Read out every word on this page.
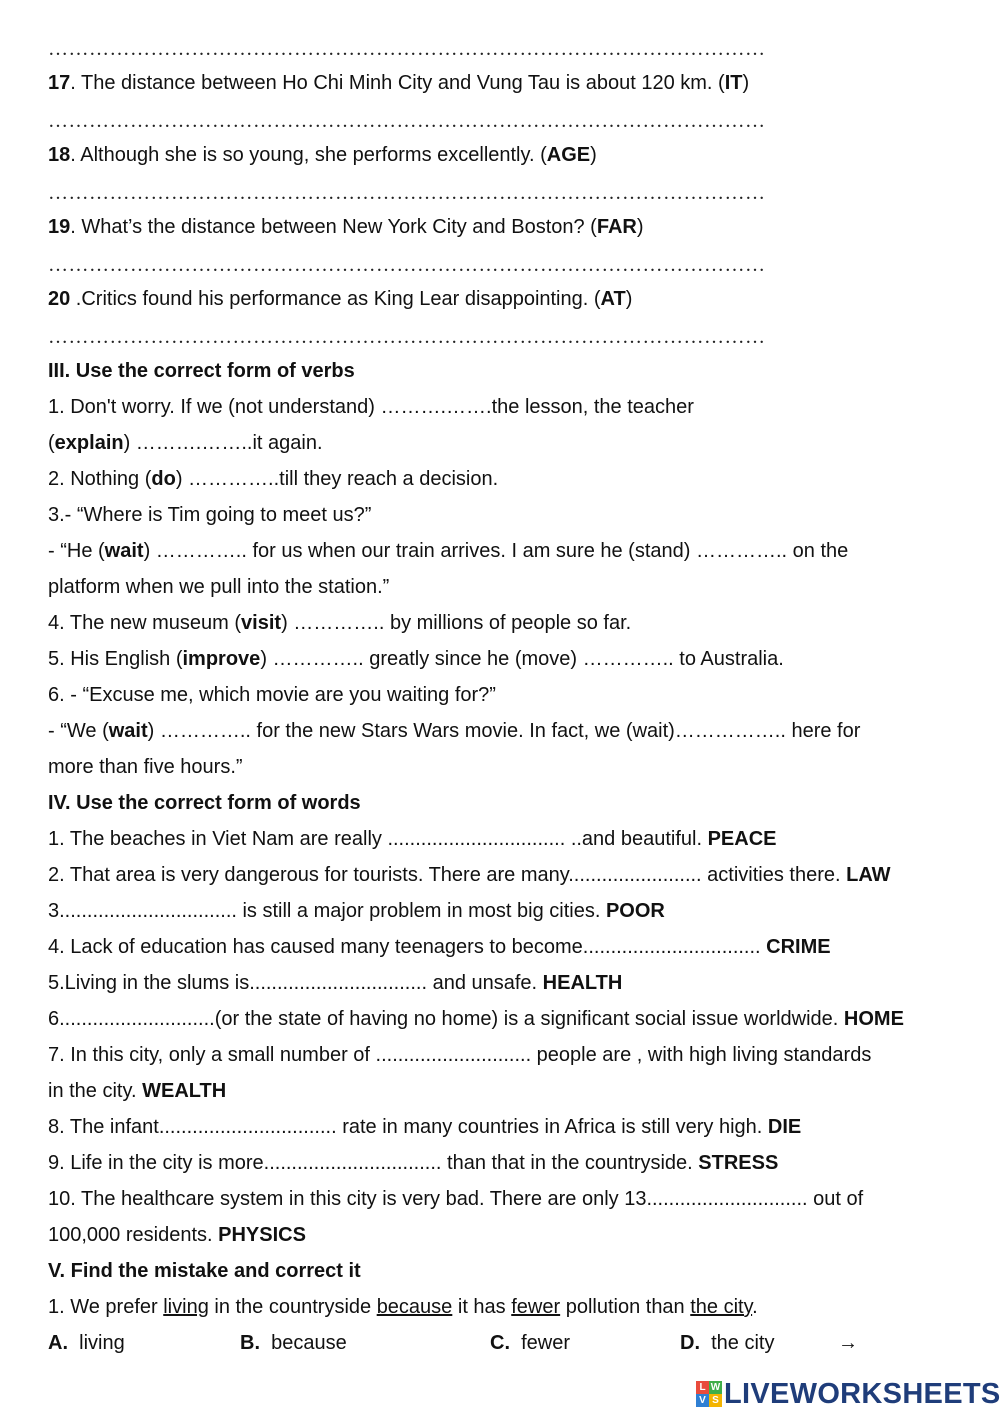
……………………………………………………………………………………………
17. The distance between Ho Chi Minh City and Vung Tau is about 120 km. (IT)
……………………………………………………………………………………………
18. Although she is so young, she performs excellently. (AGE)
……………………………………………………………………………………………
19. What’s the distance between New York City and Boston? (FAR)
……………………………………………………………………………………………
20 .Critics found his performance as King Lear disappointing. (AT)
……………………………………………………………………………………………
III. Use the correct form of verbs
1. Don't worry. If we (not understand) ……….…….the lesson, the teacher
(explain) ……….……..it again.
2. Nothing (do) …………..till they reach a decision.
3.- “Where is Tim going to meet us?”
- “He (wait) ………….. for us when our train arrives. I am sure he (stand) ………….. on the
platform when we pull into the station.”
4. The new museum (visit) ………….. by millions of people so far.
5. His English (improve) ………….. greatly since he (move) ………….. to Australia.
6. - “Excuse me, which movie are you waiting for?”
- “We (wait) ………….. for the new Stars Wars movie. In fact, we (wait)…………….. here for
more than five hours.”
IV. Use the correct form of words
1. The beaches in Viet Nam are really ................................ ..and beautiful. PEACE
2. That area is very dangerous for tourists. There are many........................ activities there. LAW
3................................ is still a major problem in most big cities. POOR
4. Lack of education has caused many teenagers to become................................ CRIME
5.Living in the slums is................................ and unsafe. HEALTH
6............................(or the state of having no home) is a significant social issue worldwide. HOME
7. In this city, only a small number of ............................ people are , with high living standards
in the city. WEALTH
8. The infant................................ rate in many countries in Africa is still very high. DIE
9. Life in the city is more................................ than that in the countryside. STRESS
10. The healthcare system in this city is very bad. There are only 13............................. out of
100,000 residents. PHYSICS
V. Find the mistake and correct it
1. We prefer living in the countryside because it has fewer pollution than the city.
A. living	B. because	C. fewer	D. the city	→
L W
V S LIVEWORKSHEETS
